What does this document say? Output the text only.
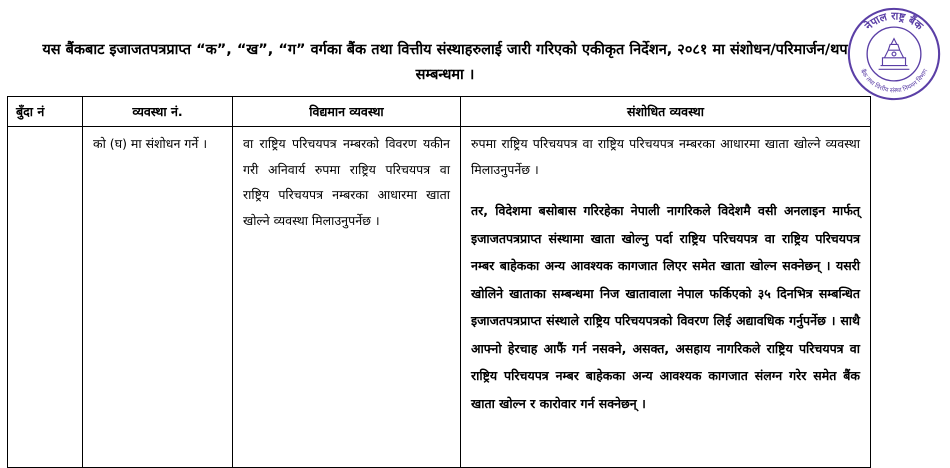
यस बैंकबाट इजाजतपत्रप्राप्त “क”, “ख”, “ग” वर्गका बैंक तथा वित्तीय संस्थाहरुलाई जारी गरिएको एकीकृत निर्देशन, २०८१ मा संशोधन/परिमार्जन/थप सम्बन्धमा ।
नेपाल राष्ट्र बैंक
बैंक तथा वित्तीय संस्था नियमन विभाग
बुँदा नं	व्यवस्था नं.	विद्यमान व्यवस्था	संशोधित व्यवस्था

	को (घ) मा संशोधन गर्ने ।	वा राष्ट्रिय परिचयपत्र नम्बरको विवरण यकीन गरी अनिवार्य रुपमा राष्ट्रिय परिचयपत्र वा राष्ट्रिय परिचयपत्र नम्बरका आधारमा खाता खोल्ने व्यवस्था मिलाउनुपर्नेछ ।	रुपमा राष्ट्रिय परिचयपत्र वा राष्ट्रिय परिचयपत्र नम्बरका आधारमा खाता खोल्ने व्यवस्था मिलाउनुपर्नेछ ।

तर, विदेशमा बसोबास गरिरहेका नेपाली नागरिकले विदेशमै वसी अनलाइन मार्फत् इजाजतपत्रप्राप्त संस्थामा खाता खोल्नु पर्दा राष्ट्रिय परिचयपत्र वा राष्ट्रिय परिचयपत्र नम्बर बाहेकका अन्य आवश्यक कागजात लिएर समेत खाता खोल्न सक्नेछन् । यसरी खोलिने खाताका सम्बन्धमा निज खातावाला नेपाल फर्किएको ३५ दिनभित्र सम्बन्धित इजाजतपत्रप्राप्त संस्थाले राष्ट्रिय परिचयपत्रको विवरण लिई अद्यावधिक गर्नुपर्नेछ । साथै आफ्नो हेरचाह आफैं गर्न नसक्ने, असक्त, असहाय नागरिकले राष्ट्रिय परिचयपत्र वा राष्ट्रिय परिचयपत्र नम्बर बाहेकका अन्य आवश्यक कागजात संलग्न गरेर समेत बैंक खाता खोल्न र कारोवार गर्न सक्नेछन् ।
